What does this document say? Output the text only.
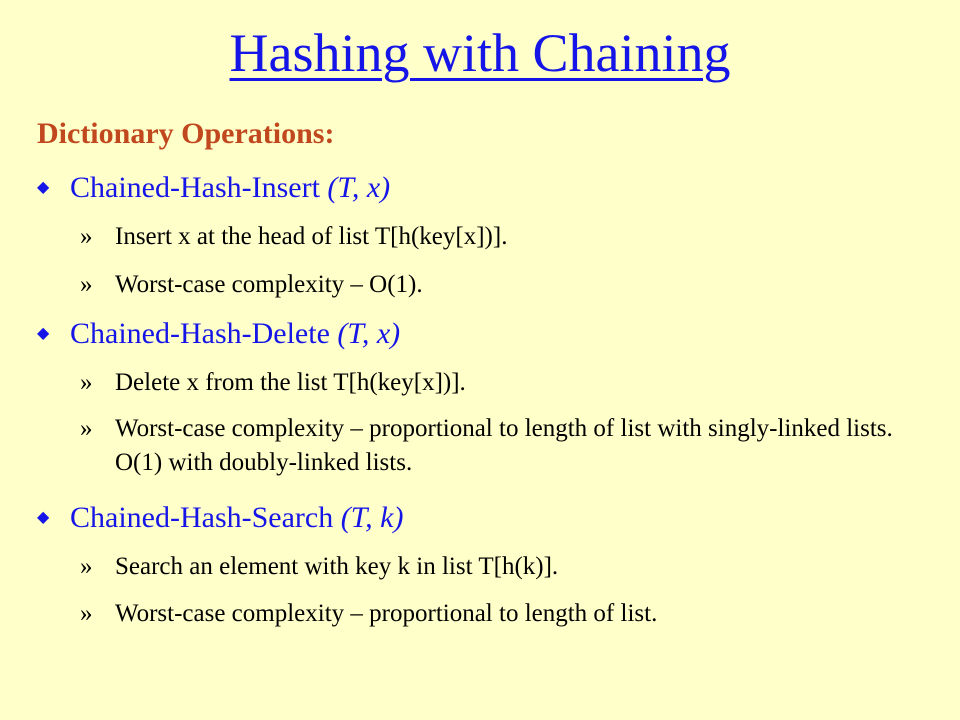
Hashing with Chaining
Dictionary Operations:
◆ Chained-Hash-Insert (T, x)
» Insert x at the head of list T[h(key[x])].
» Worst-case complexity – O(1).
◆ Chained-Hash-Delete (T, x)
» Delete x from the list T[h(key[x])].
» Worst-case complexity – proportional to length of list with singly-linked lists. O(1) with doubly-linked lists.
◆ Chained-Hash-Search (T, k)
» Search an element with key k in list T[h(k)].
» Worst-case complexity – proportional to length of list.
